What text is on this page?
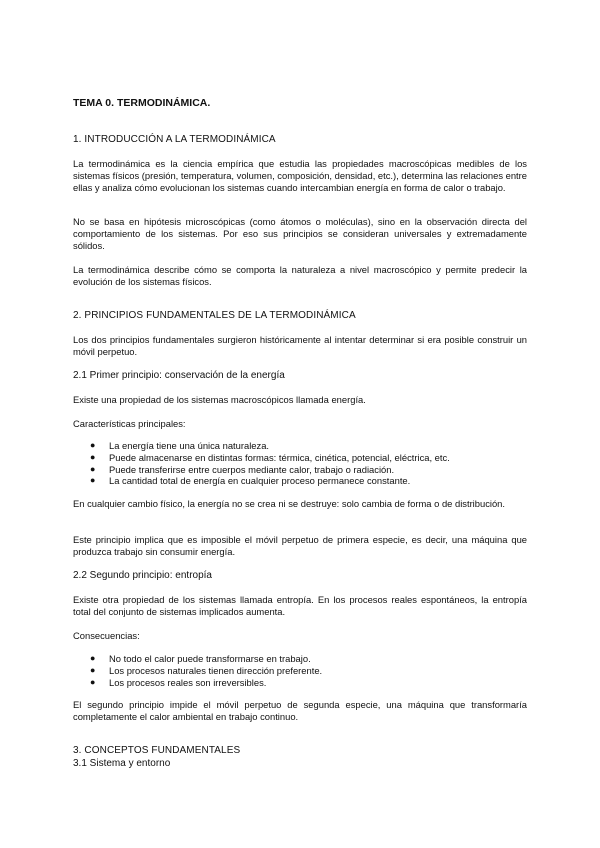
TEMA 0. TERMODINÁMICA.
1. INTRODUCCIÓN A LA TERMODINÁMICA

La termodinámica es la ciencia empírica que estudia las propiedades macroscópicas medibles de los sistemas físicos (presión, temperatura, volumen, composición, densidad, etc.), determina las relaciones entre ellas y analiza cómo evolucionan los sistemas cuando intercambian energía en forma de calor o trabajo.

No se basa en hipótesis microscópicas (como átomos o moléculas), sino en la observación directa del comportamiento de los sistemas. Por eso sus principios se consideran universales y extremadamente sólidos.

La termodinámica describe cómo se comporta la naturaleza a nivel macroscópico y permite predecir la evolución de los sistemas físicos.

2. PRINCIPIOS FUNDAMENTALES DE LA TERMODINÁMICA

Los dos principios fundamentales surgieron históricamente al intentar determinar si era posible construir un móvil perpetuo.

2.1 Primer principio: conservación de la energía

Existe una propiedad de los sistemas macroscópicos llamada energía.

Características principales:

● La energía tiene una única naturaleza.
● Puede almacenarse en distintas formas: térmica, cinética, potencial, eléctrica, etc.
● Puede transferirse entre cuerpos mediante calor, trabajo o radiación.
● La cantidad total de energía en cualquier proceso permanece constante.

En cualquier cambio físico, la energía no se crea ni se destruye: solo cambia de forma o de distribución.

Este principio implica que es imposible el móvil perpetuo de primera especie, es decir, una máquina que produzca trabajo sin consumir energía.

2.2 Segundo principio: entropía

Existe otra propiedad de los sistemas llamada entropía. En los procesos reales espontáneos, la entropía total del conjunto de sistemas implicados aumenta.

Consecuencias:

● No todo el calor puede transformarse en trabajo.
● Los procesos naturales tienen dirección preferente.
● Los procesos reales son irreversibles.

El segundo principio impide el móvil perpetuo de segunda especie, una máquina que transformaría completamente el calor ambiental en trabajo continuo.

3. CONCEPTOS FUNDAMENTALES
3.1 Sistema y entorno
